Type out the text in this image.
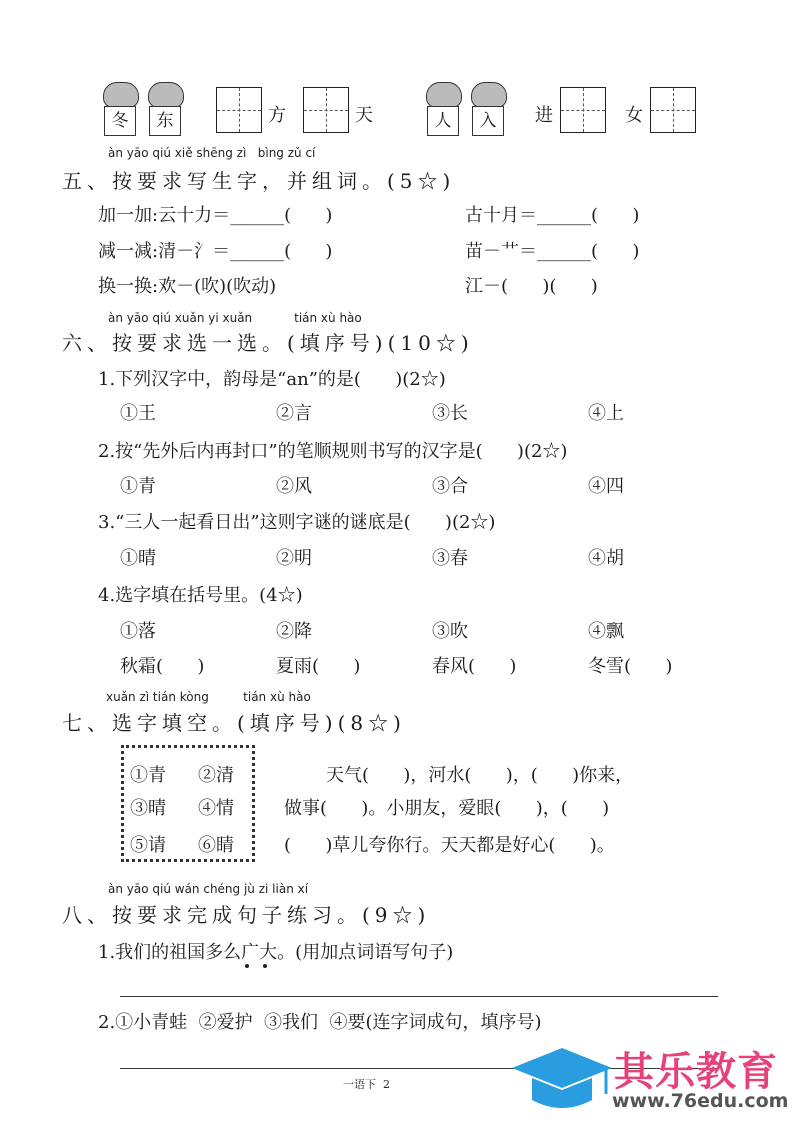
冬	东	方	天	人	入	进	女
àn yāo qiú xiě shēng zì   bìng zǔ cí
五、按要求写生字，并组词。(5☆)
加一加:云十力＝______(      )	古十月＝______(      )
减一减:清－氵＝______(      )	苗－艹＝______(      )
换一换:欢－(吹)(吹动)	江－(      )(      )
àn yāo qiú xuǎn yi xuǎn           tián xù hào
六、按要求选一选。(填序号)(10☆)
1.下列汉字中，韵母是“an”的是(      )(2☆)
①王	②言	③长	④上
2.按“先外后内再封口”的笔顺规则书写的汉字是(      )(2☆)
①青	②风	③合	④四
3.“三人一起看日出”这则字谜的谜底是(      )(2☆)
①晴	②明	③春	④胡
4.选字填在括号里。(4☆)
①落	②降	③吹	④飘
秋霜(      )	夏雨(      )	春风(      )	冬雪(      )
xuǎn zì tián kòng         tián xù hào
七、选字填空。(填序号)(8☆)
①青 ②清
③晴 ④情
⑤请 ⑥睛
天气(      )，河水(      )，(      )你来，
做事(      )。小朋友，爱眼(      )，(      )
(      )草儿夸你行。天天都是好心(      )。
àn yāo qiú wán chéng jù zi liàn xí
八、按要求完成句子练习。(9☆)
1.我们的祖国多么广大。(用加点词语写句子)
2.①小青蛙  ②爱护  ③我们  ④要(连字词成句，填序号)
一语下  2	其乐教育
www.76edu.com
